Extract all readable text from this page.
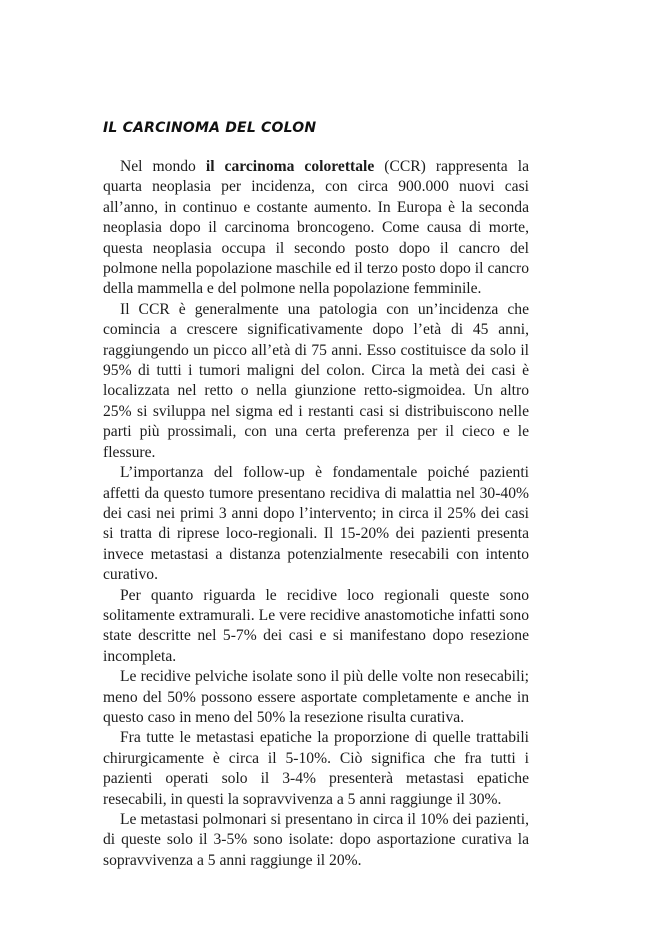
IL CARCINOMA DEL COLON

Nel mondo il carcinoma colorettale (CCR) rappresenta la quarta neoplasia per incidenza, con circa 900.000 nuovi casi all’anno, in continuo e costante aumento. In Europa è la seconda neoplasia dopo il carcinoma broncogeno. Come causa di morte, questa neoplasia occupa il secondo posto dopo il cancro del polmone nella popolazione maschile ed il terzo posto dopo il cancro della mammella e del polmone nella popolazione femminile.

Il CCR è generalmente una patologia con un’incidenza che comincia a crescere significativamente dopo l’età di 45 anni, raggiungendo un picco all’età di 75 anni. Esso costituisce da solo il 95% di tutti i tumori maligni del colon. Circa la metà dei casi è localizzata nel retto o nella giunzione retto-sigmoidea. Un altro 25% si sviluppa nel sigma ed i restanti casi si distribuiscono nelle parti più prossimali, con una certa preferenza per il cieco e le flessure.

L’importanza del follow-up è fondamentale poiché pazienti affetti da questo tumore presentano recidiva di malattia nel 30-40% dei casi nei primi 3 anni dopo l’intervento; in circa il 25% dei casi si tratta di riprese loco-regionali. Il 15-20% dei pazienti presenta invece metastasi a distanza potenzialmente resecabili con intento curativo.

Per quanto riguarda le recidive loco regionali queste sono solitamente extramurali. Le vere recidive anastomotiche infatti sono state descritte nel 5-7% dei casi e si manifestano dopo resezione incompleta.

Le recidive pelviche isolate sono il più delle volte non resecabili; meno del 50% possono essere asportate completamente e anche in questo caso in meno del 50% la resezione risulta curativa.

Fra tutte le metastasi epatiche la proporzione di quelle trattabili chirurgicamente è circa il 5-10%. Ciò significa che fra tutti i pazienti operati solo il 3-4% presenterà metastasi epatiche resecabili, in questi la sopravvivenza a 5 anni raggiunge il 30%.

Le metastasi polmonari si presentano in circa il 10% dei pazienti, di queste solo il 3-5% sono isolate: dopo asportazione curativa la sopravvivenza a 5 anni raggiunge il 20%.
